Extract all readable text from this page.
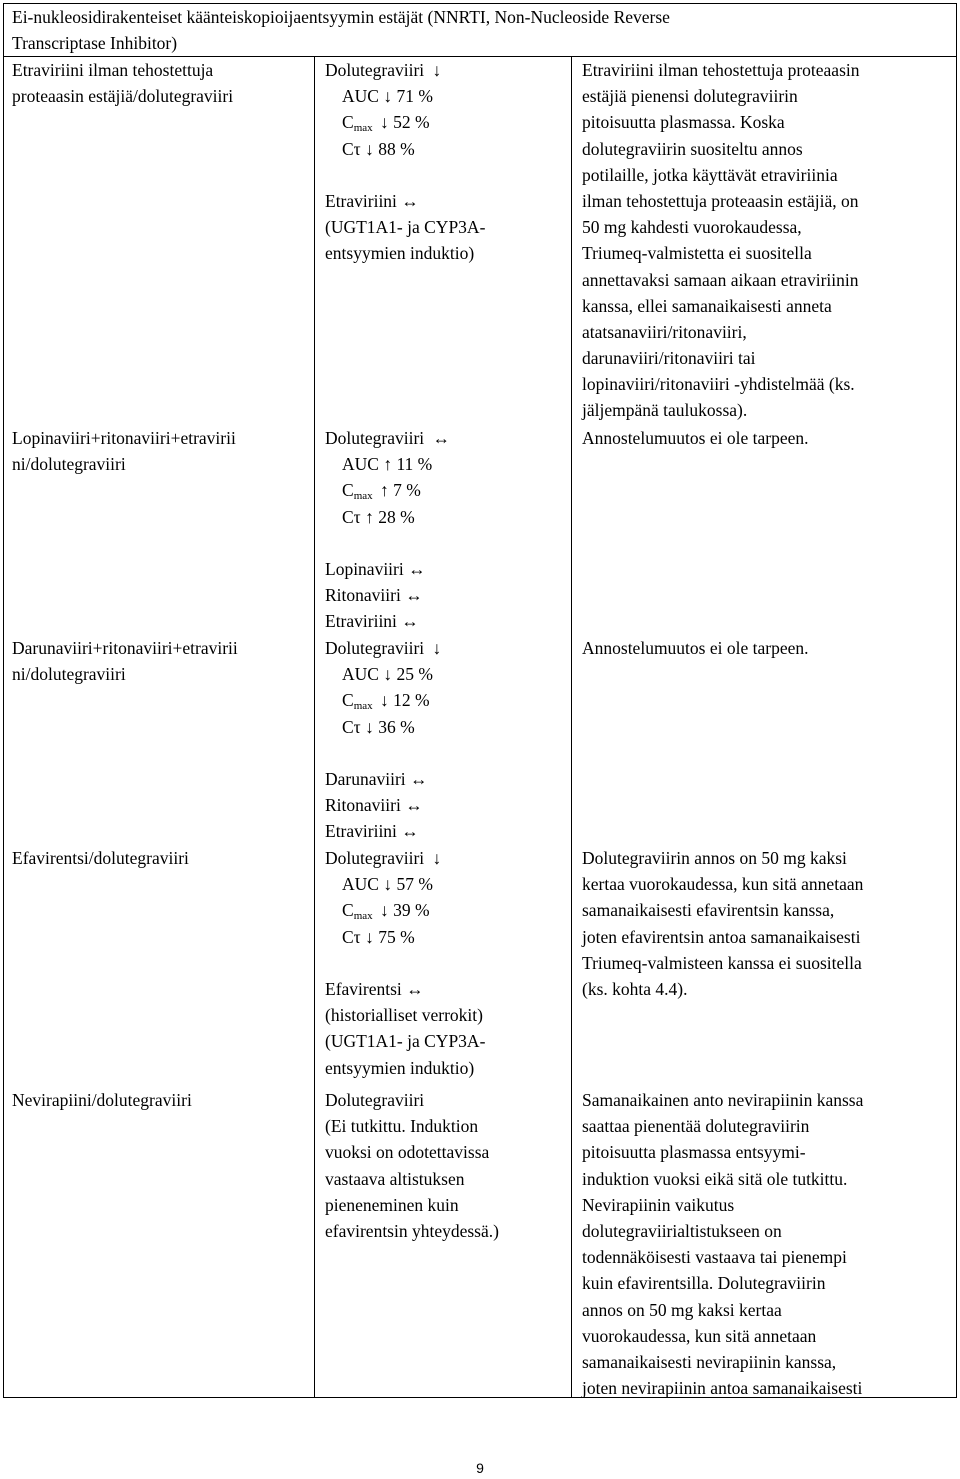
Ei-nukleosidirakenteiset käänteiskopioijaentsyymin estäjät (NNRTI, Non-Nucleoside Reverse
Transcriptase Inhibitor)
Etraviriini ilman tehostettuja
proteaasin estäjiä/dolutegraviiri
Dolutegraviiri ↓
AUC ↓ 71 %
Cmax ↓ 52 %
Cτ ↓ 88 %
Etraviriini ↔
(UGT1A1- ja CYP3A-
entsyymien induktio)
Etraviriini ilman tehostettuja proteaasin
estäjiä pienensi dolutegraviirin
pitoisuutta plasmassa. Koska
dolutegraviirin suositeltu annos
potilaille, jotka käyttävät etraviriinia
ilman tehostettuja proteaasin estäjiä, on
50 mg kahdesti vuorokaudessa,
Triumeq-valmistetta ei suositella
annettavaksi samaan aikaan etraviriinin
kanssa, ellei samanaikaisesti anneta
atatsanaviiri/ritonaviiri,
darunaviiri/ritonaviiri tai
lopinaviiri/ritonaviiri -yhdistelmää (ks.
jäljempänä taulukossa).
Lopinaviiri+ritonaviiri+etravirii
ni/dolutegraviiri
Dolutegraviiri ↔
AUC ↑ 11 %
Cmax ↑ 7 %
Cτ ↑ 28 %
Lopinaviiri ↔
Ritonaviiri ↔
Etraviriini ↔
Annostelumuutos ei ole tarpeen.
Darunaviiri+ritonaviiri+etravirii
ni/dolutegraviiri
Dolutegraviiri ↓
AUC ↓ 25 %
Cmax ↓ 12 %
Cτ ↓ 36 %
Darunaviiri ↔
Ritonaviiri ↔
Etraviriini ↔
Annostelumuutos ei ole tarpeen.
Efavirentsi/dolutegraviiri	Dolutegraviiri ↓
AUC ↓ 57 %
Cmax ↓ 39 %
Cτ ↓ 75 %
Efavirentsi ↔
(historialliset verrokit)
(UGT1A1- ja CYP3A-
entsyymien induktio)
Dolutegraviirin annos on 50 mg kaksi
kertaa vuorokaudessa, kun sitä annetaan
samanaikaisesti efavirentsin kanssa,
joten efavirentsin antoa samanaikaisesti
Triumeq-valmisteen kanssa ei suositella
(ks. kohta 4.4).
Nevirapiini/dolutegraviiri	Dolutegraviiri
(Ei tutkittu. Induktion
vuoksi on odotettavissa
vastaava altistuksen
pieneneminen kuin
efavirentsin yhteydessä.)
Samanaikainen anto nevirapiinin kanssa
saattaa pienentää dolutegraviirin
pitoisuutta plasmassa entsyymi-
induktion vuoksi eikä sitä ole tutkittu.
Nevirapiinin vaikutus
dolutegraviirialtistukseen on
todennäköisesti vastaava tai pienempi
kuin efavirentsilla. Dolutegraviirin
annos on 50 mg kaksi kertaa
vuorokaudessa, kun sitä annetaan
samanaikaisesti nevirapiinin kanssa,
joten nevirapiinin antoa samanaikaisesti
9
